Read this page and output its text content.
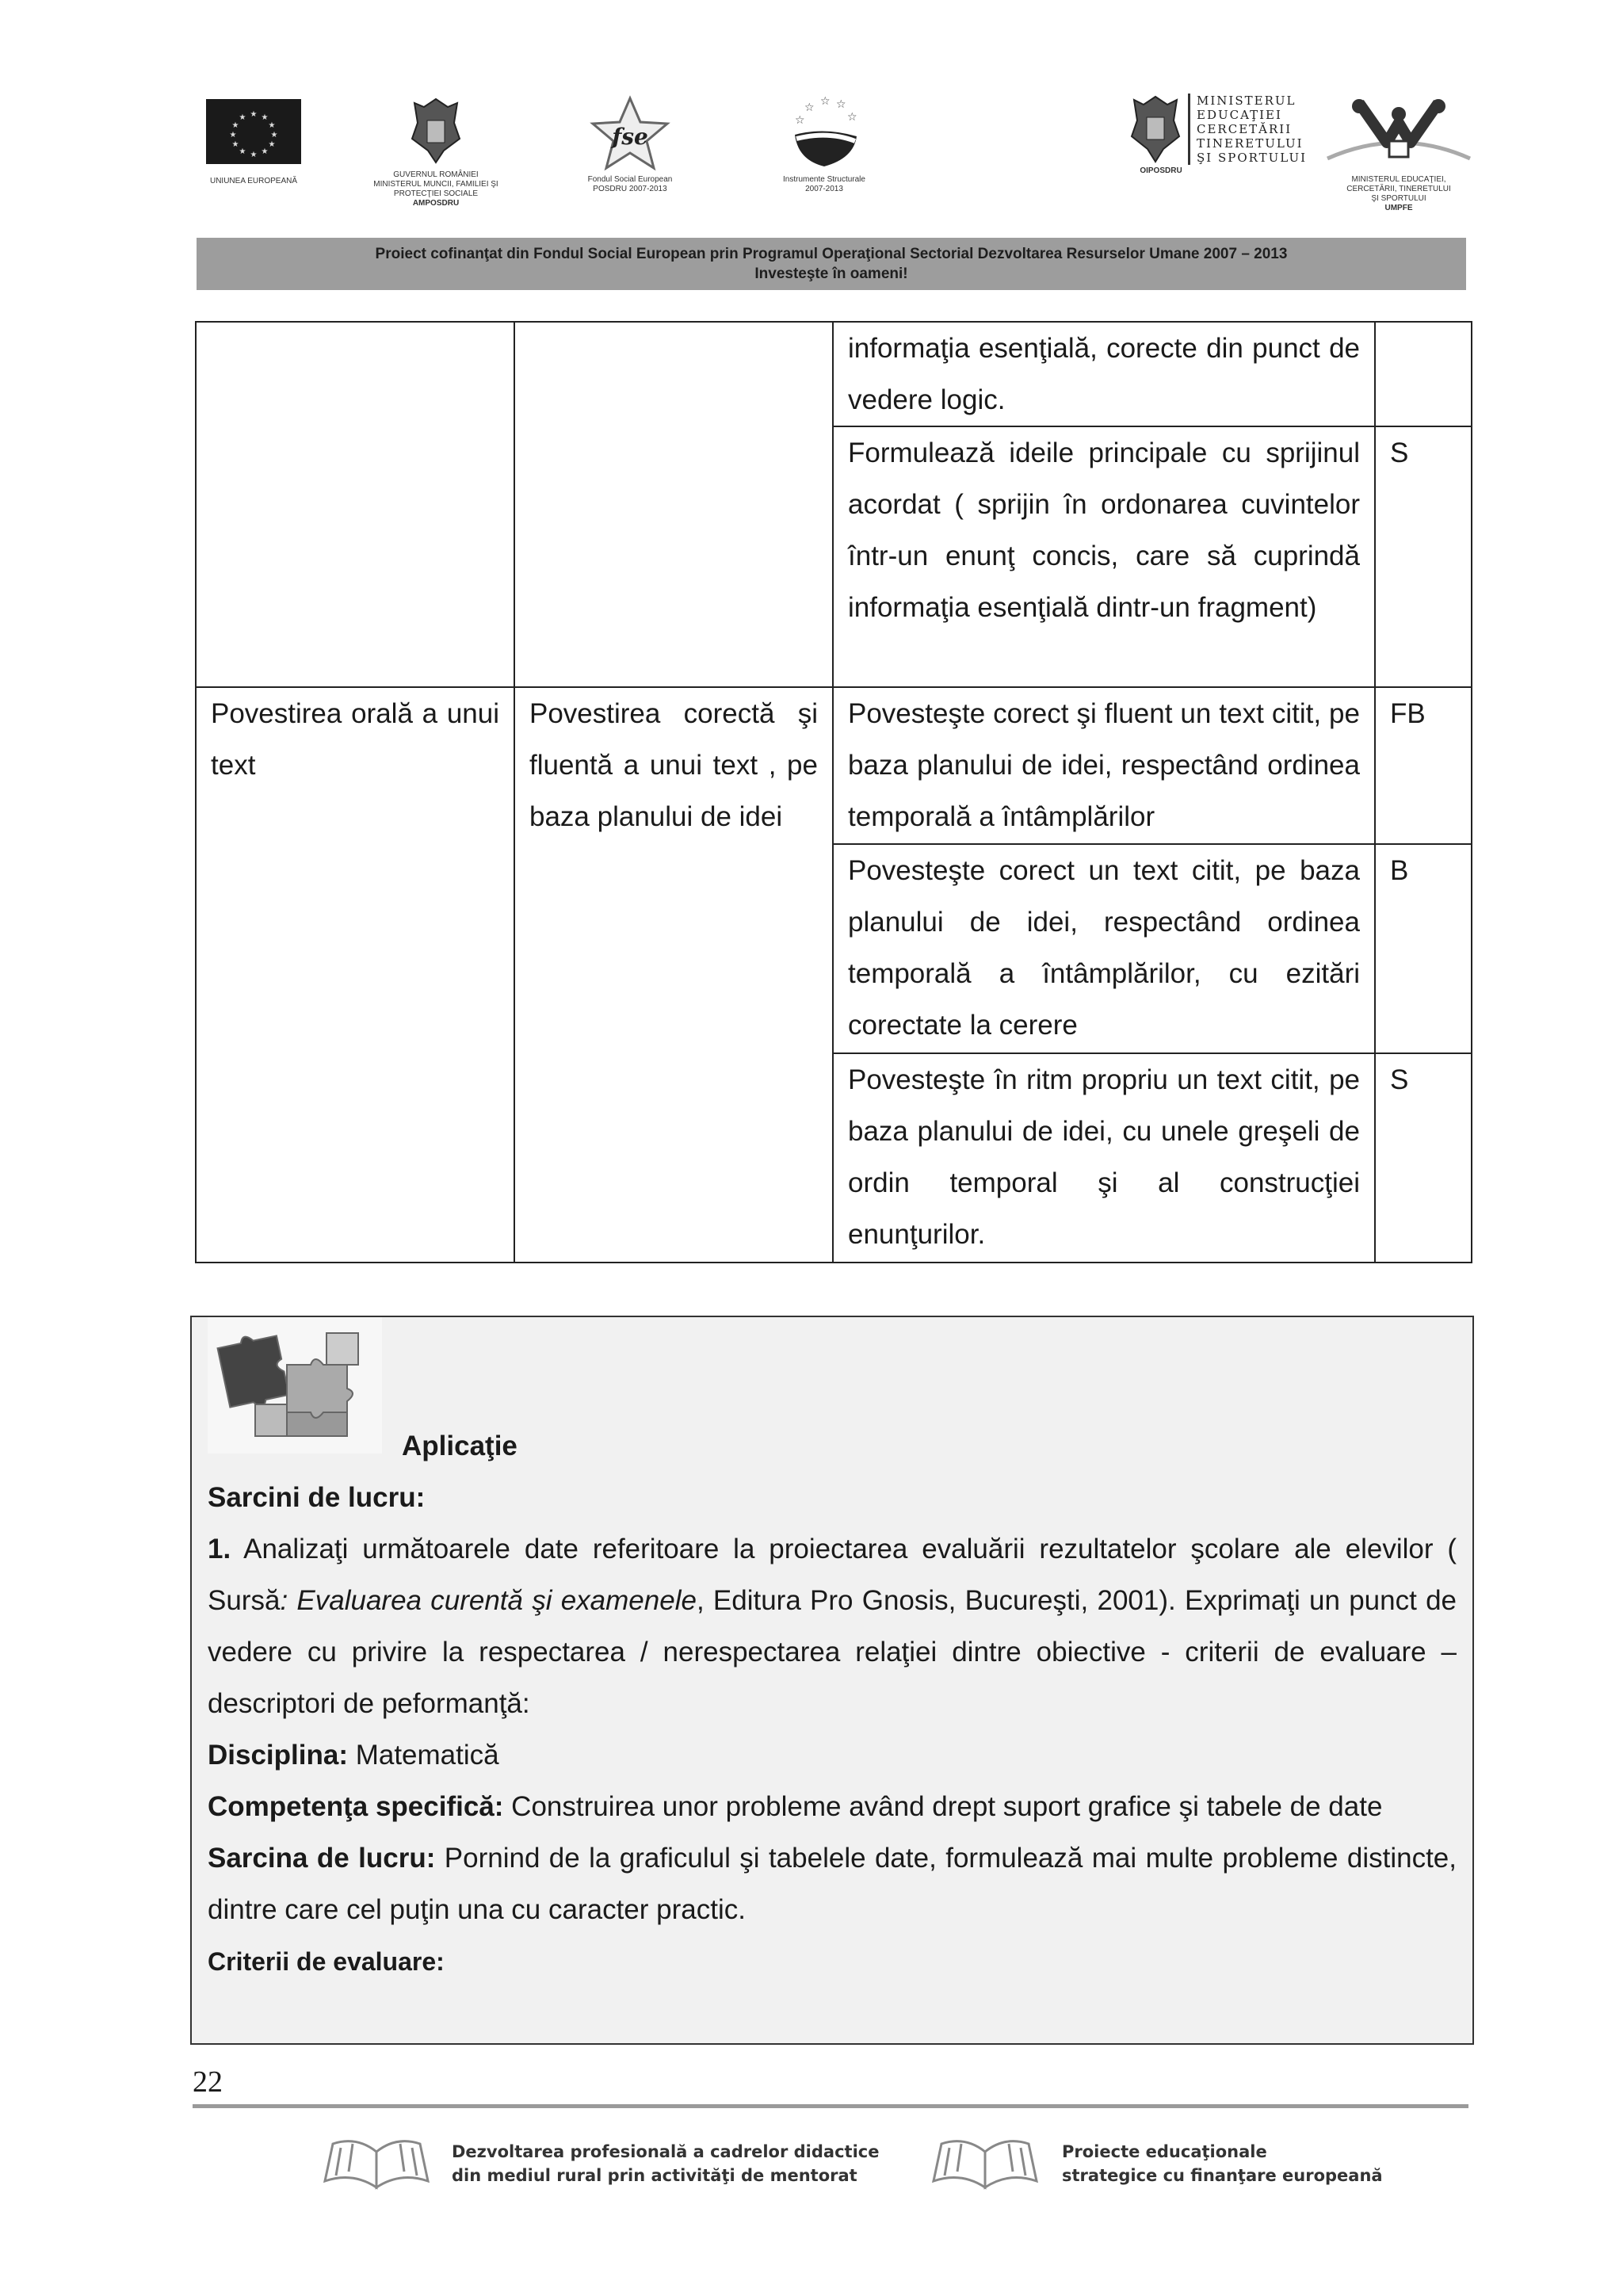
★ ★
★
★
★
★
★
★
★
★
★
★
UNIUNEA EUROPEANĂ
GUVERNUL ROMÂNIEI
MINISTERUL MUNCII, FAMILIEI ŞI
PROTECŢIEI SOCIALE
AMPOSDRU
fse
Fondul Social European
POSDRU 2007-2013
☆ ☆ ☆
☆
☆
Instrumente Structurale
2007-2013
MINISTERUL
EDUCAŢIEI
CERCETĂRII
TINERETULUI
ŞI SPORTULUI
OIPOSDRU
MINISTERUL EDUCAŢIEI,
CERCETĂRII, TINERETULUI
ŞI SPORTULUI
UMPFE
Proiect cofinanţat din Fondul Social European prin Programul Operaţional Sectorial Dezvoltarea Resurselor Umane 2007 – 2013
Investeşte în oameni!
		informaţia esenţială, corecte din punct de vedere logic.	
		Formulează ideile principale cu sprijinul acordat ( sprijin în ordonarea cuvintelor într-un enunţ concis, care să cuprindă informaţia esenţială dintr-un fragment)	S
Povestirea orală a unui text	Povestirea corectă şi fluentă a unui text , pe baza planului de idei	Povesteşte corect şi fluent un text citit, pe baza planului de idei, respectând ordinea temporală a întâmplărilor	FB
		Povesteşte corect un text citit, pe baza planului de idei, respectând ordinea temporală a întâmplărilor, cu ezitări corectate la cerere	B
		Povesteşte în ritm propriu un text citit, pe baza planului de idei, cu unele greşeli de ordin temporal şi al construcţiei enunţurilor.	S
Aplicaţie

Sarcini de lucru:

1. Analizaţi următoarele date referitoare la proiectarea evaluării rezultatelor şcolare ale elevilor ( Sursă: Evaluarea curentă şi examenele, Editura Pro Gnosis, Bucureşti, 2001). Exprimaţi un punct de vedere cu privire la respectarea / nerespectarea relaţiei dintre obiective - criterii de evaluare – descriptori de peformanţă:

Disciplina: Matematică

Competenţa specifică: Construirea unor probleme având drept suport grafice şi tabele de date

Sarcina de lucru: Pornind de la graficulul şi tabelele date, formulează mai multe probleme distincte, dintre care cel puţin una cu caracter practic.

Criterii de evaluare:

22
Dezvoltarea profesională a cadrelor didactice
din mediul rural prin activităţi de mentorat
Proiecte educaţionale
strategice cu finanţare europeană
